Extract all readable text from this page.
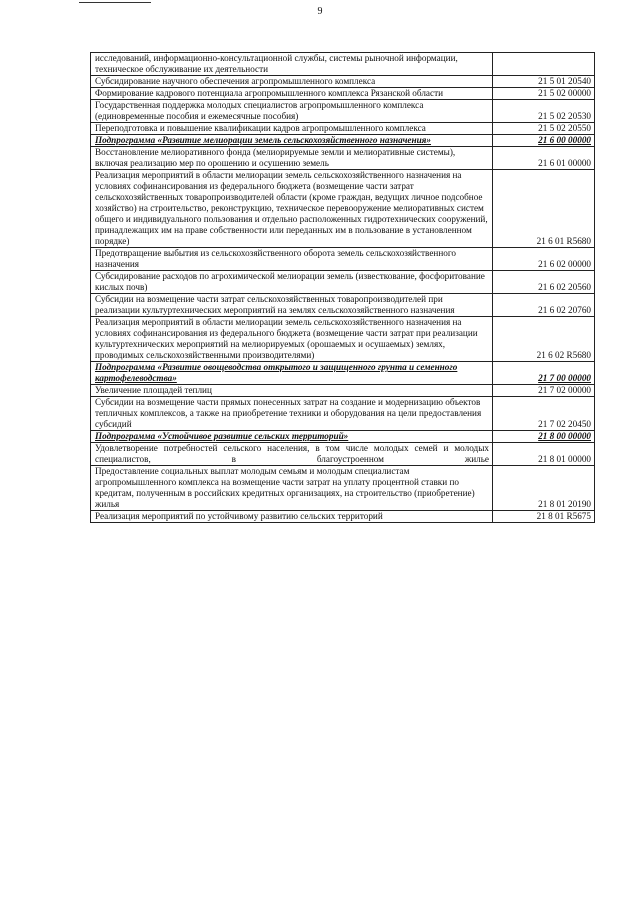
9
исследований, информационно-консультационной службы, системы рыночной информации, техническое обслуживание их деятельности	
Субсидирование научного обеспечения агропромышленного комплекса	21 5 01 20540
Формирование кадрового потенциала агропромышленного комплекса Рязанской области	21 5 02 00000
Государственная поддержка молодых специалистов агропромышленного комплекса (единовременные пособия и ежемесячные пособия)	21 5 02 20530
Переподготовка и повышение квалификации кадров агропромышленного комплекса	21 5 02 20550
Подпрограмма «Развитие мелиорации земель сельскохозяйственного назначения»	21 6 00 00000
Восстановление мелиоративного фонда (мелиорируемые земли и мелиоративные системы), включая реализацию мер по орошению и осушению земель	21 6 01 00000
Реализация мероприятий в области мелиорации земель сельскохозяйственного назначения на условиях софинансирования из федерального бюджета (возмещение части затрат сельскохозяйственных товаропроизводителей области (кроме граждан, ведущих личное подсобное хозяйство) на строительство, реконструкцию, техническое перевооружение мелиоративных систем общего и индивидуального пользования и отдельно расположенных гидротехнических сооружений, принадлежащих им на праве собственности или переданных им в пользование в установленном порядке)	21 6 01 R5680
Предотвращение выбытия из сельскохозяйственного оборота земель сельскохозяйственного назначения	21 6 02 00000
Субсидирование расходов по агрохимической мелиорации земель (известкование, фосфоритование кислых почв)	21 6 02 20560
Субсидии на возмещение части затрат сельскохозяйственных товаропроизводителей при реализации культуртехнических мероприятий на землях сельскохозяйственного назначения	21 6 02 20760
Реализация мероприятий в области мелиорации земель сельскохозяйственного назначения на условиях софинансирования из федерального бюджета (возмещение части затрат при реализации культуртехнических мероприятий на мелиорируемых (орошаемых и осушаемых) землях, проводимых сельскохозяйственными производителями)	21 6 02 R5680
Подпрограмма «Развитие овощеводства открытого и защищенного грунта и семенного картофелеводства»	21 7 00 00000
Увеличение площадей теплиц	21 7 02 00000
Субсидии на возмещение части прямых понесенных затрат на создание и модернизацию объектов тепличных комплексов, а также на приобретение техники и оборудования на цели предоставления субсидий	21 7 02 20450
Подпрограмма «Устойчивое развитие сельских территорий»	21 8 00 00000
Удовлетворение потребностей сельского населения, в том числе молодых семей и молодых специалистов, в благоустроенном жилье	21 8 01 00000
Предоставление социальных выплат молодым семьям и молодым специалистам агропромышленного комплекса на возмещение части затрат на уплату процентной ставки по кредитам, полученным в российских кредитных организациях, на строительство (приобретение) жилья	21 8 01 20190
Реализация мероприятий по устойчивому развитию сельских территорий	21 8 01 R5675
